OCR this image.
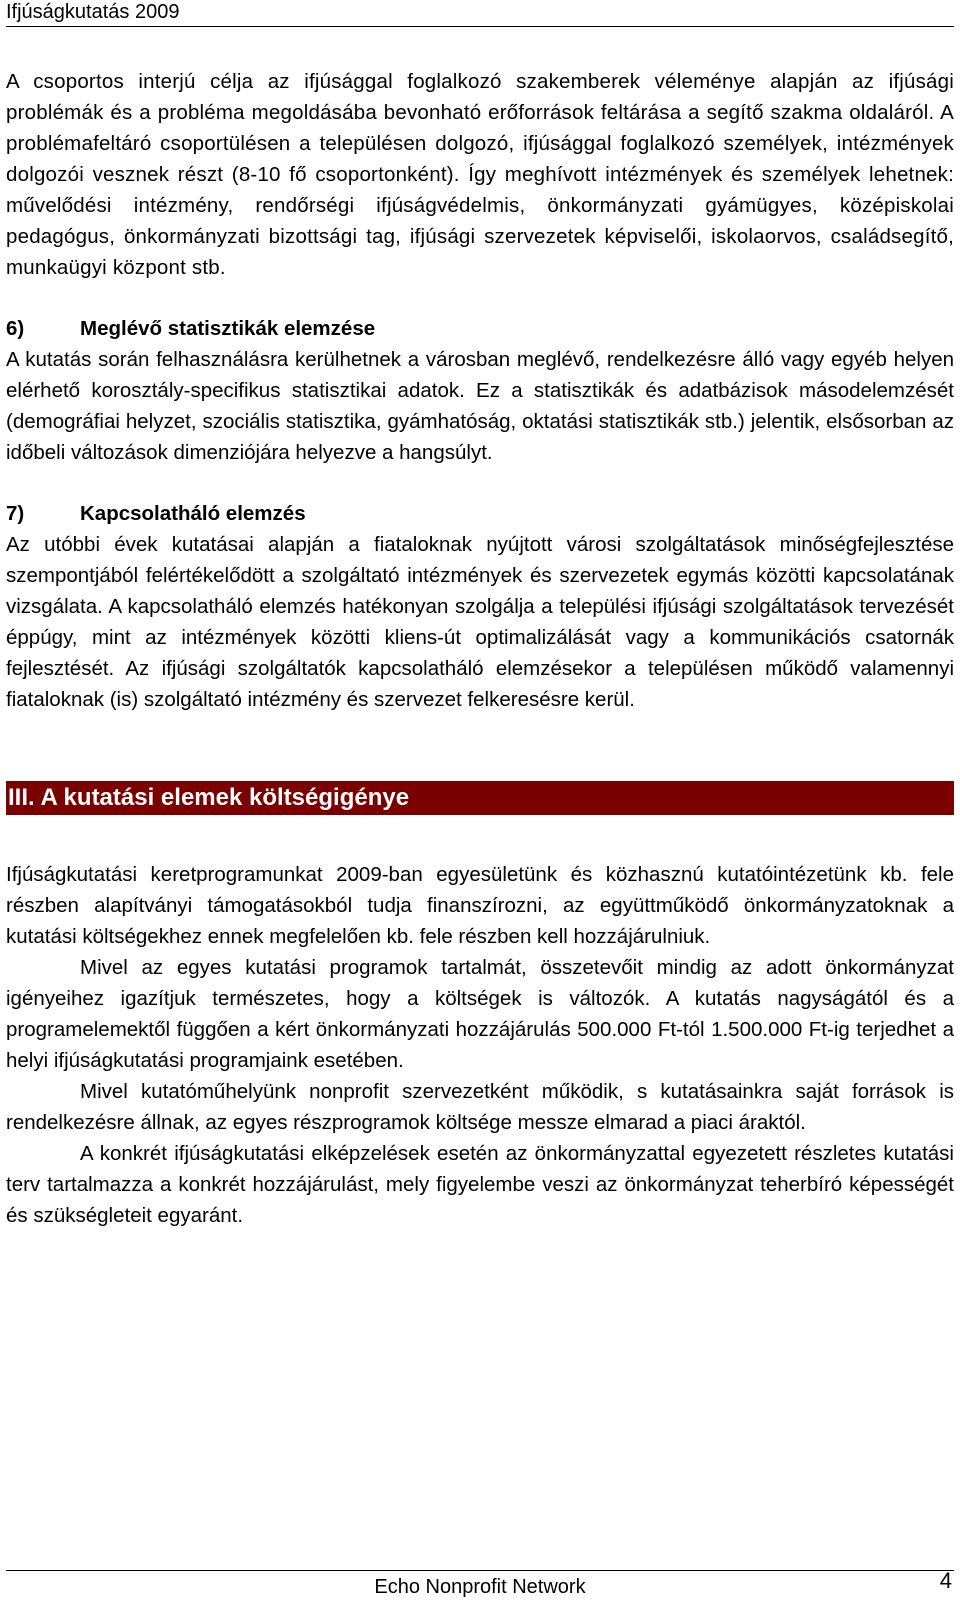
Ifjúságkutatás 2009

A csoportos interjú célja az ifjúsággal foglalkozó szakemberek véleménye alapján az ifjúsági problémák és a probléma megoldásába bevonható erőforrások feltárása a segítő szakma oldaláról. A problémafeltáró csoportülésen a településen dolgozó, ifjúsággal foglalkozó személyek, intézmények dolgozói vesznek részt (8-10 fő csoportonként). Így meghívott intézmények és személyek lehetnek: művelődési intézmény, rendőrségi ifjúságvédelmis, önkormányzati gyámügyes, középiskolai pedagógus, önkormányzati bizottsági tag, ifjúsági szervezetek képviselői, iskolaorvos, családsegítő, munkaügyi központ stb.

6)	Meglévő statisztikák elemzése

A kutatás során felhasználásra kerülhetnek a városban meglévő, rendelkezésre álló vagy egyéb helyen elérhető korosztály-specifikus statisztikai adatok. Ez a statisztikák és adatbázisok másodelemzését (demográfiai helyzet, szociális statisztika, gyámhatóság, oktatási statisztikák stb.) jelentik, elsősorban az időbeli változások dimenziójára helyezve a hangsúlyt.

7)	Kapcsolatháló elemzés

Az utóbbi évek kutatásai alapján a fiataloknak nyújtott városi szolgáltatások minőségfejlesztése szempontjából felértékelődött a szolgáltató intézmények és szervezetek egymás közötti kapcsolatának vizsgálata. A kapcsolatháló elemzés hatékonyan szolgálja a települési ifjúsági szolgáltatások tervezését éppúgy, mint az intézmények közötti kliens-út optimalizálását vagy a kommunikációs csatornák fejlesztését. Az ifjúsági szolgáltatók kapcsolatháló elemzésekor a településen működő valamennyi fiataloknak (is) szolgáltató intézmény és szervezet felkeresésre kerül.

III. A kutatási elemek költségigénye

Ifjúságkutatási keretprogramunkat 2009-ban egyesületünk és közhasznú kutatóintézetünk kb. fele részben alapítványi támogatásokból tudja finanszírozni, az együttműködő önkormányzatoknak a kutatási költségekhez ennek megfelelően kb. fele részben kell hozzájárulniuk.

Mivel az egyes kutatási programok tartalmát, összetevőit mindig az adott önkormányzat igényeihez igazítjuk természetes, hogy a költségek is változók. A kutatás nagyságától és a programelemektől függően a kért önkormányzati hozzájárulás 500.000 Ft-tól 1.500.000 Ft-ig terjedhet a helyi ifjúságkutatási programjaink esetében.

Mivel kutatóműhelyünk nonprofit szervezetként működik, s kutatásainkra saját források is rendelkezésre állnak, az egyes részprogramok költsége messze elmarad a piaci áraktól.

A konkrét ifjúságkutatási elképzelések esetén az önkormányzattal egyezetett részletes kutatási terv tartalmazza a konkrét hozzájárulást, mely figyelembe veszi az önkormányzat teherbíró képességét és szükségleteit egyaránt.

Echo Nonprofit Network	4
